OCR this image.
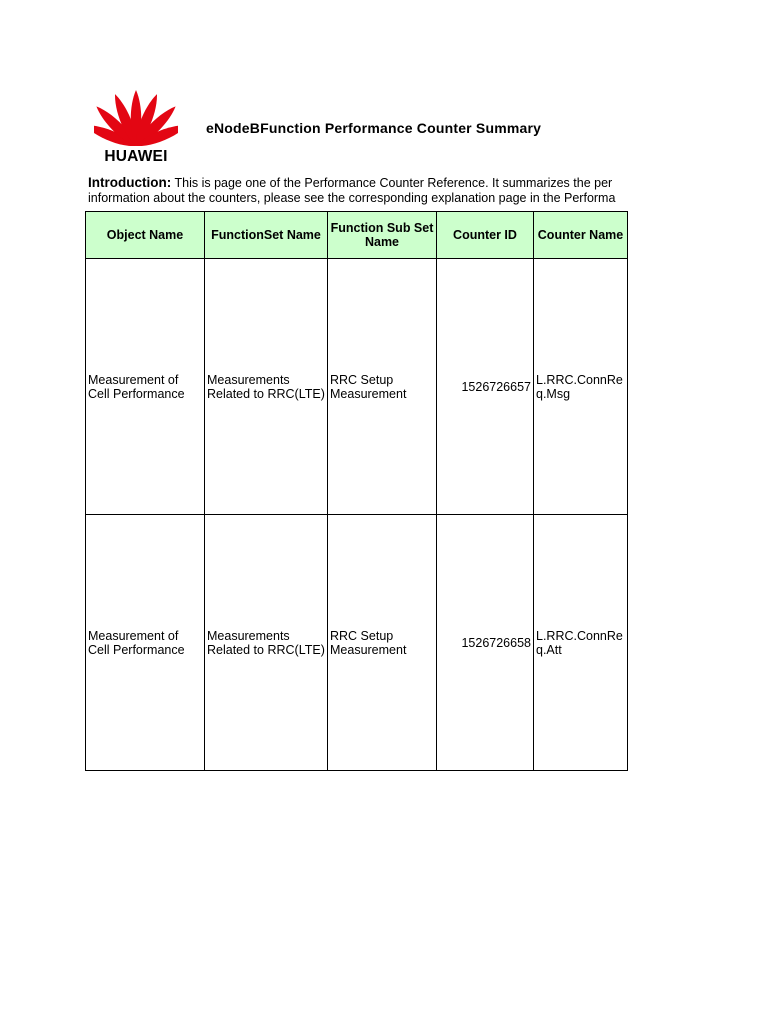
HUAWEI
eNodeBFunction Performance Counter Summary
Introduction: This is page one of the Performance Counter Reference. It summarizes the per
information about the counters, please see the corresponding explanation page in the Performa
Object Name	FunctionSet Name	Function Sub Set Name	Counter ID	Counter Name
Measurement of Cell Performance	Measurements Related to RRC(LTE)	RRC Setup Measurement	1526726657	L.RRC.ConnReq.Msg
Measurement of Cell Performance	Measurements Related to RRC(LTE)	RRC Setup Measurement	1526726658	L.RRC.ConnReq.Att
